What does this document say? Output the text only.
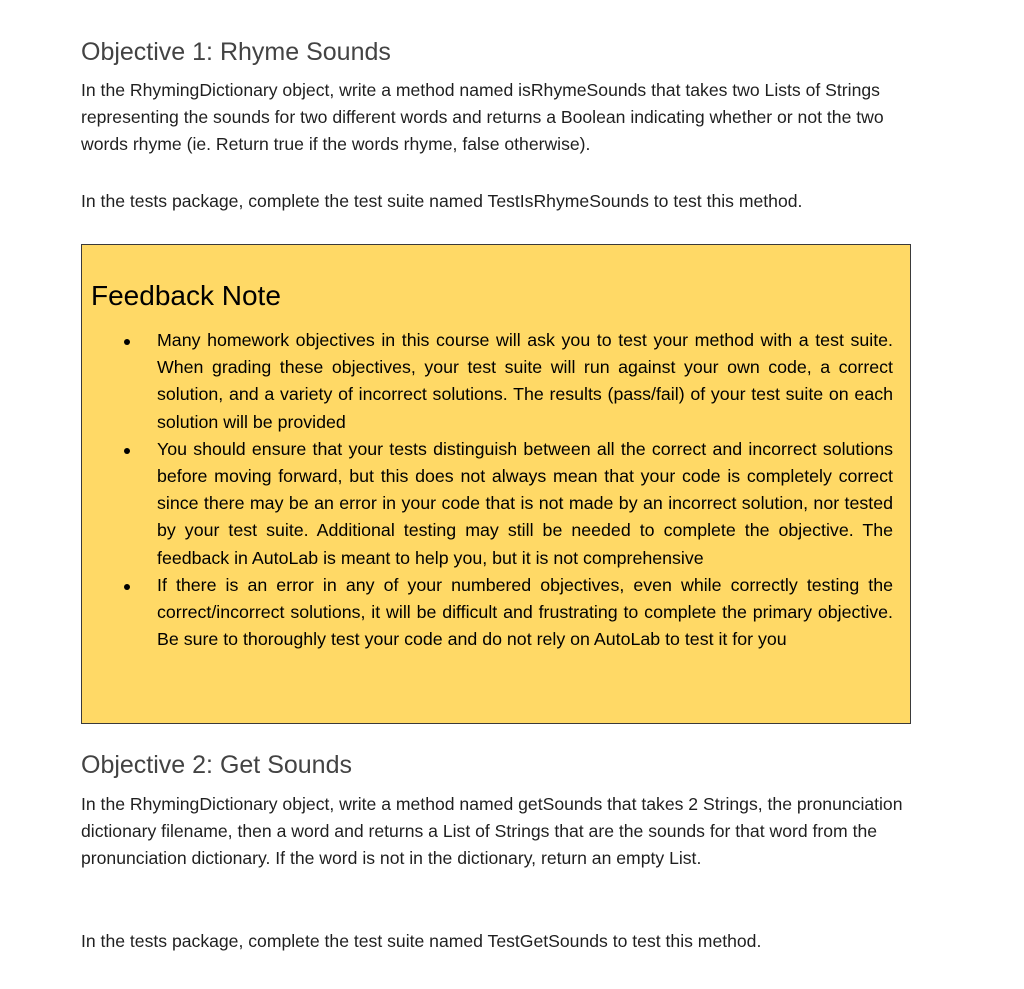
Objective 1: Rhyme Sounds

In the RhymingDictionary object, write a method named isRhymeSounds that takes two Lists of Strings representing the sounds for two different words and returns a Boolean indicating whether or not the two words rhyme (ie. Return true if the words rhyme, false otherwise).

In the tests package, complete the test suite named TestIsRhymeSounds to test this method.

Feedback Note
Many homework objectives in this course will ask you to test your method with a test suite. When grading these objectives, your test suite will run against your own code, a correct solution, and a variety of incorrect solutions. The results (pass/fail) of your test suite on each solution will be provided
You should ensure that your tests distinguish between all the correct and incorrect solutions before moving forward, but this does not always mean that your code is completely correct since there may be an error in your code that is not made by an incorrect solution, nor tested by your test suite. Additional testing may still be needed to complete the objective. The feedback in AutoLab is meant to help you, but it is not comprehensive
If there is an error in any of your numbered objectives, even while correctly testing the correct/incorrect solutions, it will be difficult and frustrating to complete the primary objective. Be sure to thoroughly test your code and do not rely on AutoLab to test it for you
Objective 2: Get Sounds

In the RhymingDictionary object, write a method named getSounds that takes 2 Strings, the pronunciation dictionary filename, then a word and returns a List of Strings that are the sounds for that word from the pronunciation dictionary. If the word is not in the dictionary, return an empty List.

In the tests package, complete the test suite named TestGetSounds to test this method.
